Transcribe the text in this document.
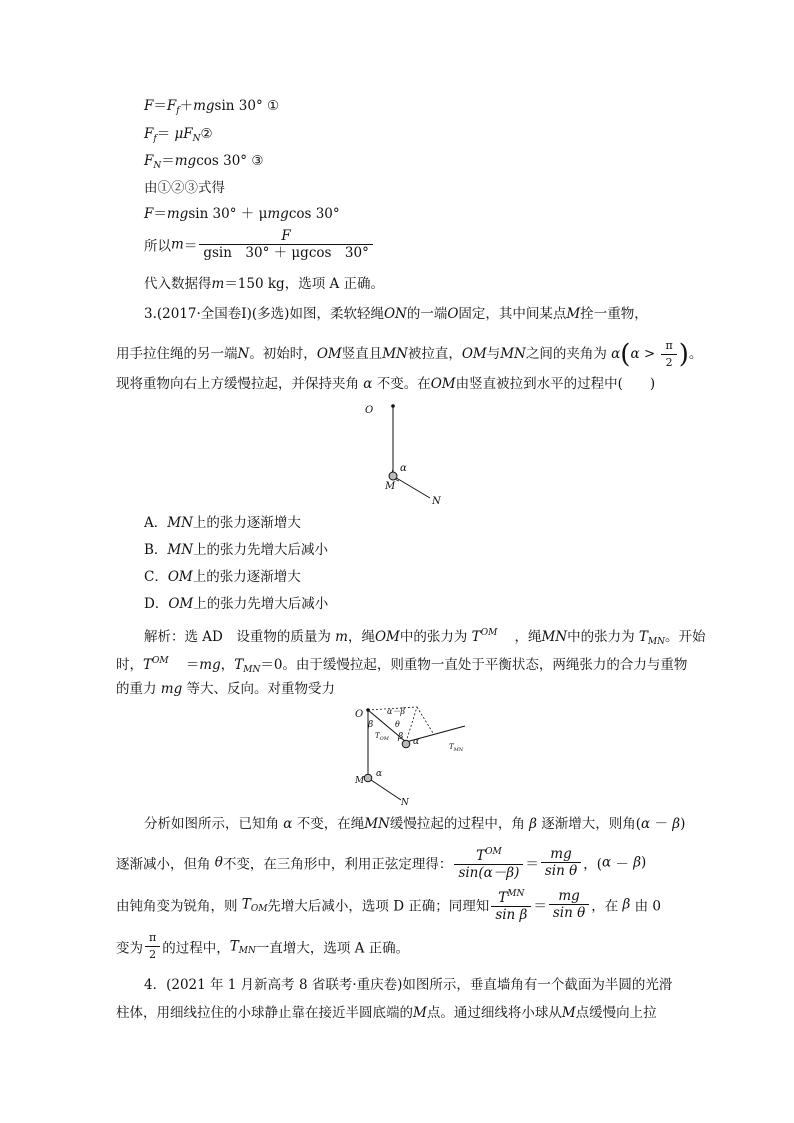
$F=F_f+mgsin$ 30° ①
$F_f=$ $\mu F_N②$
$F_N=mgcos$ 30° ③
由①②③式得
F＝mgsin 30° ＋ μmgcos 30°
所以$m= \frac{F}{gsin 30^\circ + \mu gcos 30^\circ}$
代入数据得m＝150 kg，选项 A 正确。
3.(2017·全国卷Ⅰ)(多选)如图，柔软轻绳ON的一端O固定，其中间某点M拴一重物，
用手拉住绳的另一端N。初始时，OM竖直且MN被拉直，OM与MN之间的夹角为 $\alpha(\alpha > \frac{\pi}{2}$ )。
现将重物向右上方缓慢拉起，并保持夹角 α 不变。在OM由竖直被拉到水平的过程中(　　)
O
α
M
N
A．MN上的张力逐渐增大
B．MN上的张力先增大后减小
C．OM上的张力逐渐增大
D．OM上的张力先增大后减小
解析：选 AD　设重物的质量为 m，绳OM中的张力为 $T^{OM}$ ，绳MN中的张力为 $T_{MN}$。开始
时，$T^{OM} =mg$，$T_{MN}=0$。由于缓慢拉起，则重物一直处于平衡状态，两绳张力的合力与重物
的重力 mg 等大、反向。对重物受力
O	α－β
β	θ
$T_{OM}$ β α	$T_{MN}$
M
α
N
分析如图所示，已知角 α 不变，在绳MN缓慢拉起的过程中，角 β 逐渐增大，则角(α － β)
逐渐减小，但角 θ不变，在三角形中，利用正弦定理得： $\frac{T^{OM}}{\sin(\alpha-\beta)} = \frac{mg}{\text{sin θ}}$ ，(α － β)
由钝角变为锐角，则 $T_{OM}$先增大后减小，选项 D 正确；同理知 $\frac{T^{MN}}{\text{sin β}} = \frac{mg}{\text{sin θ}}$ ，在 β 由 0
变为 $\frac{\pi}{2}$ 的过程中，$T_{MN}$一直增大，选项 A 正确。
4．(2021 年 1 月新高考 8 省联考·重庆卷)如图所示，垂直墙角有一个截面为半圆的光滑
柱体，用细线拉住的小球静止靠在接近半圆底端的M点。通过细线将小球从M点缓慢向上拉
